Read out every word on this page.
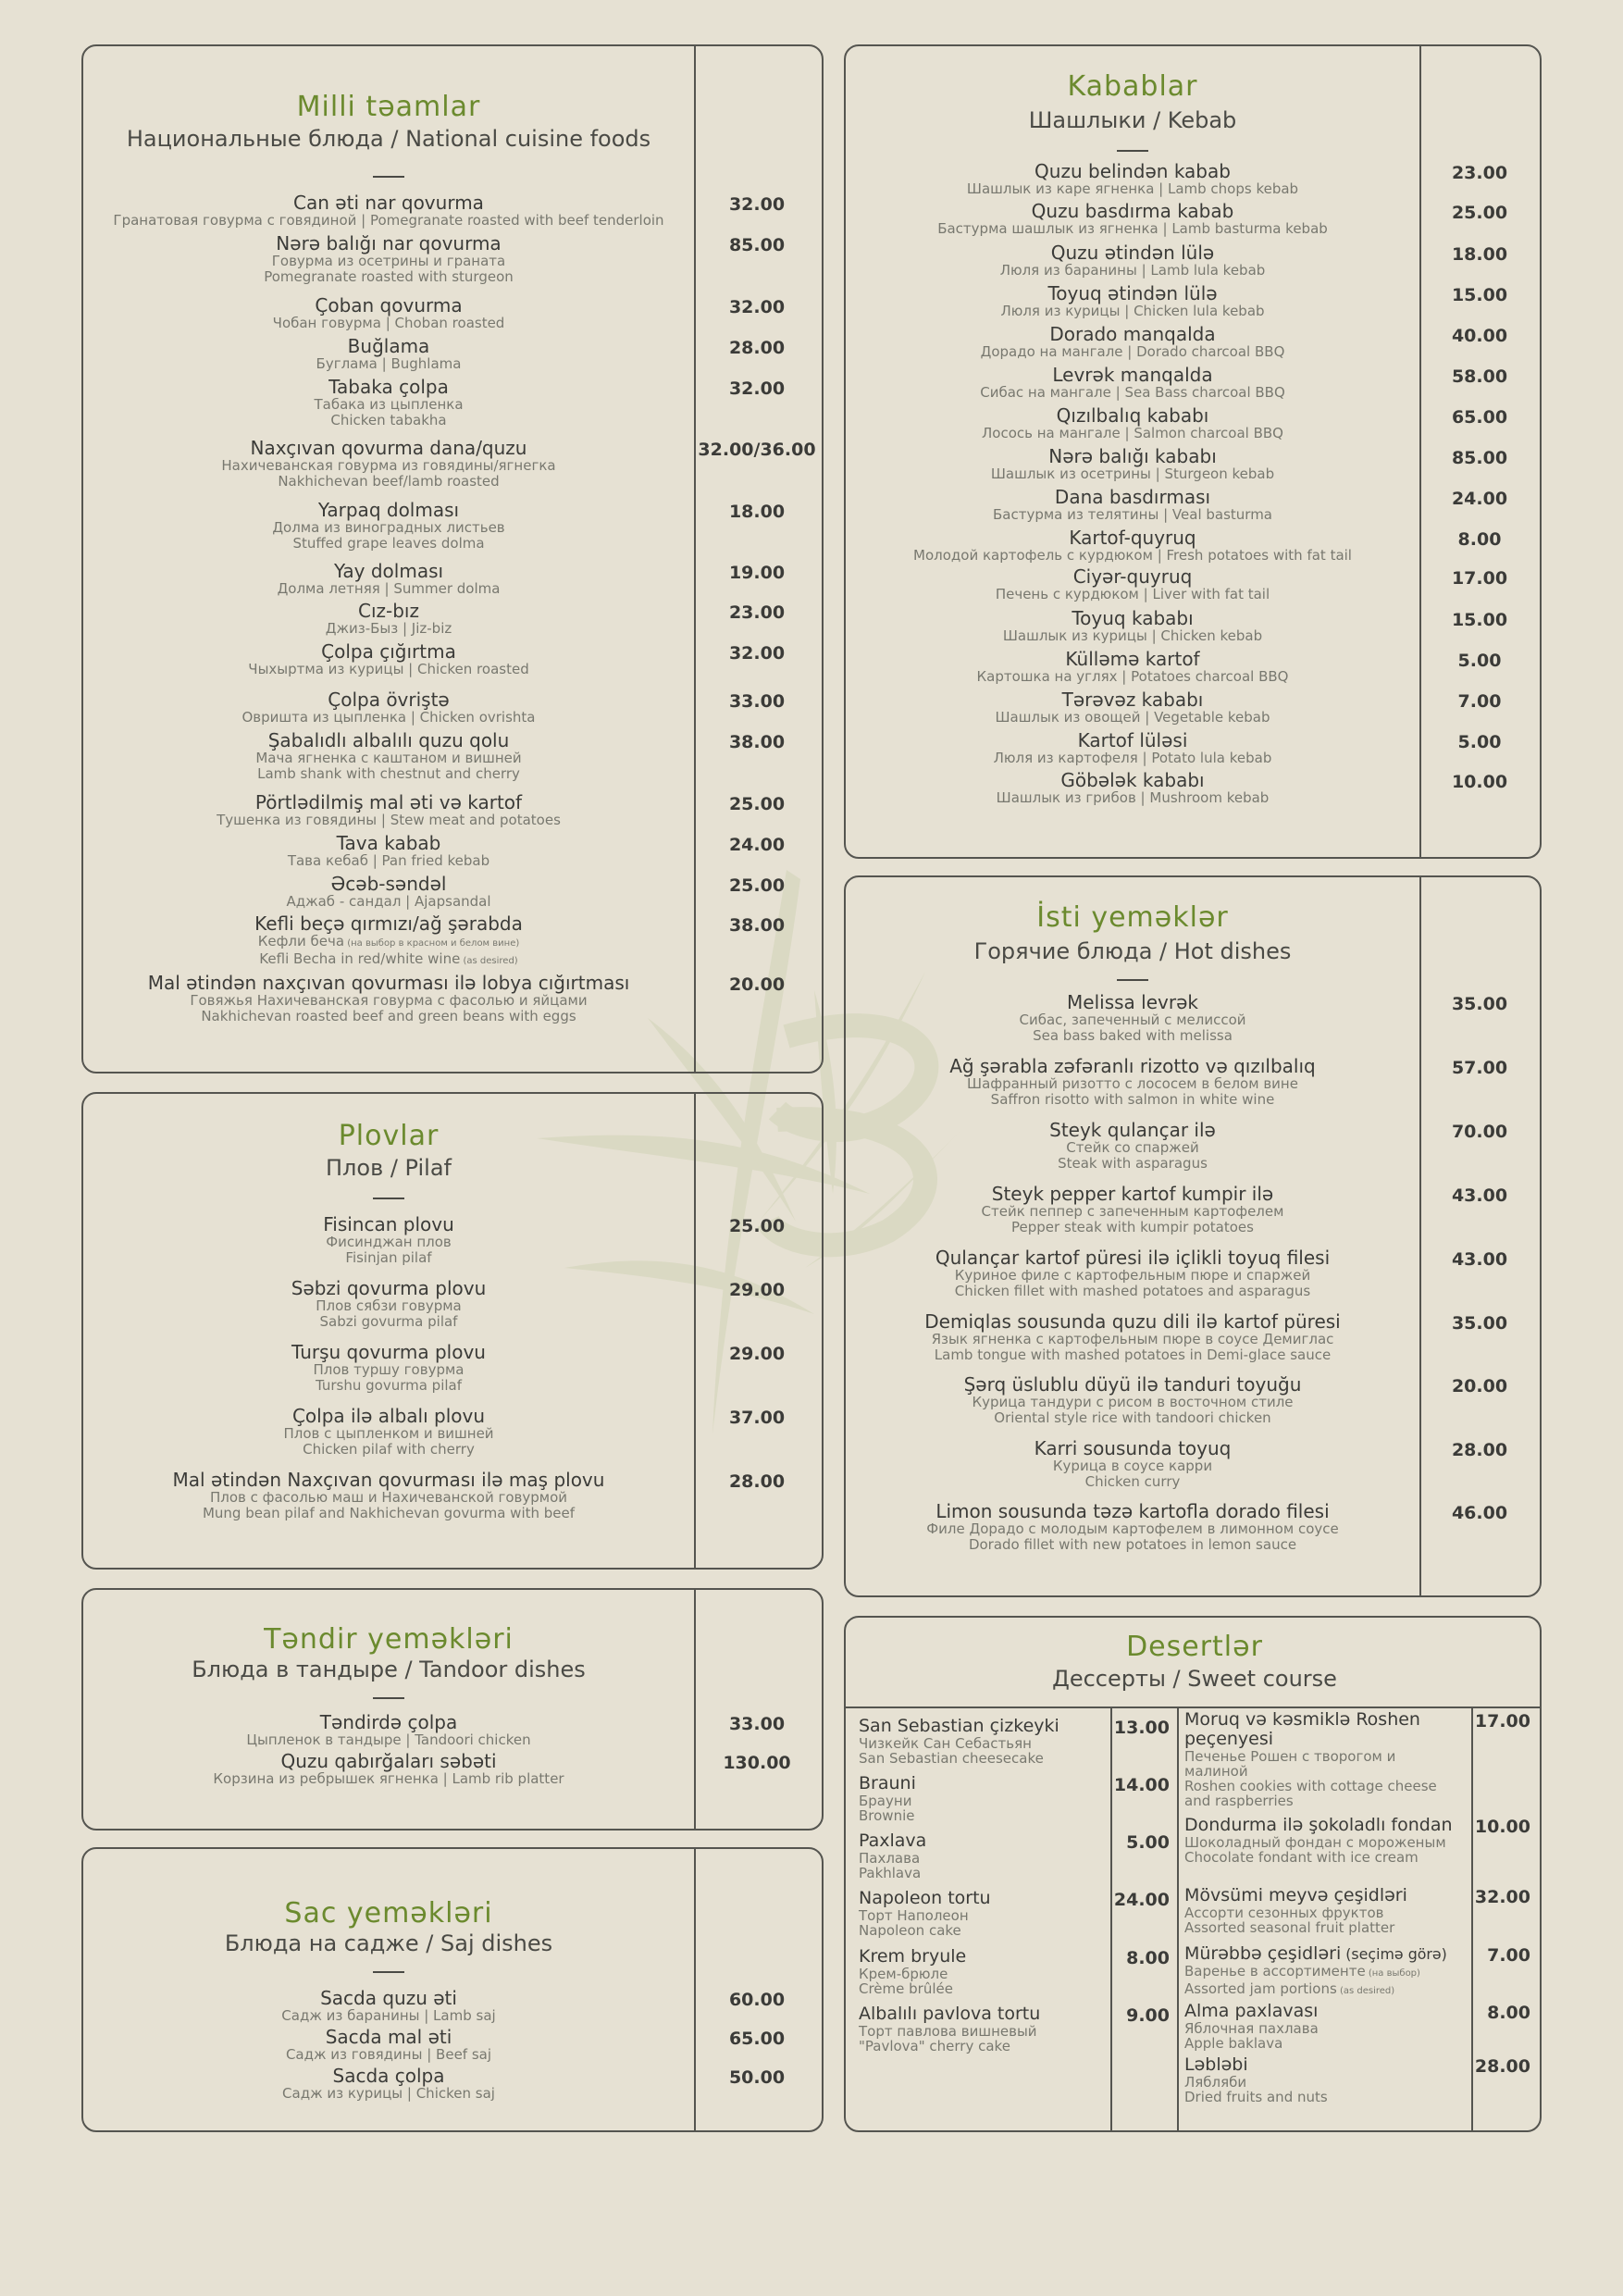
Milli təamlar
Национальные блюда / National cuisine foods
Plovlar
Плов / Pilaf
Təndir yeməkləri
Блюда в тандыре / Tandoor dishes
Sac yeməkləri
Блюда на садже / Saj dishes
Kabablar
Шашлыки / Kebab
İsti yeməklər
Горячие блюда / Hot dishes
Desertlər
Дессерты / Sweet course
Can əti nar qovurma
Гранатовая говурма с говядиной | Pomegranate roasted with beef tenderloin
32.00
Nərə balığı nar qovurma
Говурма из осетрины и граната
Pomegranate roasted with sturgeon
85.00
Çoban qovurma
Чобан говурма | Choban roasted
32.00
Buğlama
Буглама | Bughlama
28.00
Tabaka çolpa
Табака из цыпленка
Chicken tabakha
32.00
Naxçıvan qovurma dana/quzu
Нахичеванская говурма из говядины/ягнегка
Nakhichevan beef/lamb roasted
32.00/36.00
Yarpaq dolması
Долма из виноградных листьев
Stuffed grape leaves dolma
18.00
Yay dolması
Долма летняя | Summer dolma
19.00
Cız-bız
Джиз-Быз | Jiz-biz
23.00
Çolpa çığırtma
Чыхыртма из курицы | Chicken roasted
32.00
Çolpa övriştə
Овришта из цыпленка | Chicken ovrishta
33.00
Şabalıdlı albalılı quzu qolu
Мача ягненка с каштаном и вишней
Lamb shank with chestnut and cherry
38.00
Pörtlədilmiş mal əti və kartof
Тушенка из говядины | Stew meat and potatoes
25.00
Tava kabab
Тава кебаб | Pan fried kebab
24.00
Əcəb-səndəl
Аджаб - сандал | Ajapsandal
25.00
Kefli beçə qırmızı/ağ şərabda
Кефли беча (на выбор в красном и белом вине)
Kefli Becha in red/white wine (as desired)
38.00
Mal ətindən naxçıvan qovurması ilə lobya cığırtması
Говяжья Нахичеванская говурма с фасолью и яйцами
Nakhichevan roasted beef and green beans with eggs
20.00
Fisincan plovu
Фисинджан плов
Fisinjan pilaf
25.00
Səbzi qovurma plovu
Плов сябзи говурма
Sabzi govurma pilaf
29.00
Turşu qovurma plovu
Плов туршу говурма
Turshu govurma pilaf
29.00
Çolpa ilə albalı plovu
Плов с цыпленком и вишней
Chicken pilaf with cherry
37.00
Mal ətindən Naxçıvan qovurması ilə maş plovu
Плов с фасолью маш и Нахичеванской говурмой
Mung bean pilaf and Nakhichevan govurma with beef
28.00
Təndirdə çolpa
Цыпленок в тандыре | Tandoori chicken
33.00
Quzu qabırğaları səbəti
Корзина из ребрышек ягненка | Lamb rib platter
130.00
Sacda quzu əti
Садж из баранины | Lamb saj
60.00
Sacda mal əti
Садж из говядины | Beef saj
65.00
Sacda çolpa
Садж из курицы | Chicken saj
50.00
Quzu belindən kabab
Шашлык из каре ягненка | Lamb chops kebab
23.00
Quzu basdırma kabab
Бастурма шашлык из ягненка | Lamb basturma kebab
25.00
Quzu ətindən lülə
Люля из баранины | Lamb lula kebab
18.00
Toyuq ətindən lülə
Люля из курицы | Chicken lula kebab
15.00
Dorado manqalda
Дорадо на мангале | Dorado charcoal BBQ
40.00
Levrək manqalda
Сибас на мангале | Sea Bass charcoal BBQ
58.00
Qızılbalıq kababı
Лосось на мангале | Salmon charcoal BBQ
65.00
Nərə balığı kababı
Шашлык из осетрины | Sturgeon kebab
85.00
Dana basdırması
Бастурма из телятины | Veal basturma
24.00
Kartof-quyruq
Молодой картофель с курдюком | Fresh potatoes with fat tail
8.00
Ciyər-quyruq
Печень с курдюком | Liver with fat tail
17.00
Toyuq kababı
Шашлык из курицы | Chicken kebab
15.00
Külləmə kartof
Картошка на углях | Potatoes charcoal BBQ
5.00
Tərəvəz kababı
Шашлык из овощей | Vegetable kebab
7.00
Kartof lüləsi
Люля из картофеля | Potato lula kebab
5.00
Göbələk kababı
Шашлык из грибов | Mushroom kebab
10.00
Melissa levrək
Сибас, запеченный с мелиссой
Sea bass baked with melissa
35.00
Ağ şərabla zəfəranlı rizotto və qızılbalıq
Шафранный ризотто с лососем в белом вине
Saffron risotto with salmon in white wine
57.00
Steyk qulançar ilə
Стейк со спаржей
Steak with asparagus
70.00
Steyk pepper kartof kumpir ilə
Стейк пеппер с запеченным картофелем
Pepper steak with kumpir potatoes
43.00
Qulançar kartof püresi ilə içlikli toyuq filesi
Куриное филе с картофельным пюре и спаржей
Chicken fillet with mashed potatoes and asparagus
43.00
Demiqlas sousunda quzu dili ilə kartof püresi
Язык ягненка с картофельным пюре в соусе Демиглас
Lamb tongue with mashed potatoes in Demi-glace sauce
35.00
Şərq üslublu düyü ilə tanduri toyuğu
Курица тандури с рисом в восточном стиле
Oriental style rice with tandoori chicken
20.00
Karri sousunda toyuq
Курица в соусе карри
Chicken curry
28.00
Limon sousunda təzə kartofla dorado filesi
Филе Дорадо с молодым картофелем в лимонном соусе
Dorado fillet with new potatoes in lemon sauce
46.00
San Sebastian çizkeyki
Чизкейк Сан Себастьян
San Sebastian cheesecake
13.00
Brauni
Брауни
Brownie
14.00
Paxlava
Пахлава
Pakhlava
5.00
Napoleon tortu
Торт Наполеон
Napoleon cake
24.00
Krem bryule
Крем-брюле
Crème brûlée
8.00
Albalılı pavlova tortu
Торт павлова вишневый
"Pavlova" cherry cake
9.00
Moruq və kəsmiklə Roshen peçenyesi
Печенье Рошен с творогом и малиной
Roshen cookies with cottage cheese and raspberries
17.00
Dondurma ilə şokoladlı fondan
Шоколадный фондан с мороженым
Chocolate fondant with ice cream
10.00
Mövsümi meyvə çeşidləri
Ассорти сезонных фруктов
Assorted seasonal fruit platter
32.00
Mürəbbə çeşidləri (seçimə görə)
Варенье в ассортименте (на выбор)
Assorted jam portions (as desired)
7.00
Alma paxlavası
Яблочная пахлава
Apple baklava
8.00
Ləbləbi
Лябляби
Dried fruits and nuts
28.00
